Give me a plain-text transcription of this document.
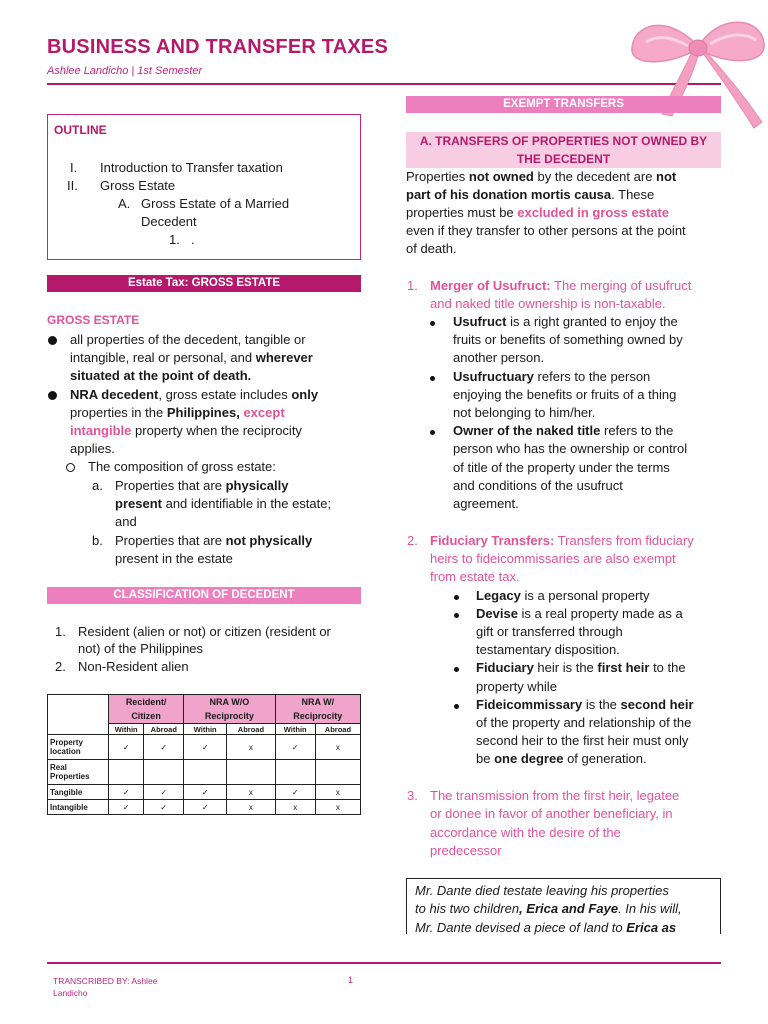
BUSINESS AND TRANSFER TAXES
Ashlee Landicho | 1st Semester
OUTLINE
I. Introduction to Transfer taxation
II. Gross Estate
A. Gross Estate of a Married
Decedent
1. .
Estate Tax: GROSS ESTATE
GROSS ESTATE
all properties of the decedent, tangible or
intangible, real or personal, and wherever
situated at the point of death.
NRA decedent, gross estate includes only
properties in the Philippines, except
intangible property when the reciprocity
applies.
The composition of gross estate:
a. Properties that are physically
present and identifiable in the estate;
and
b. Properties that are not physically
present in the estate
CLASSIFICATION OF DECEDENT
1. Resident (alien or not) or citizen (resident or
not) of the Philippines
2. Non-Resident alien
	Recident/ Citizen		NRA W/O Reciprocity		NRA W/ Reciprocity	
	Within	Abroad	Within	Abroad	Within	Abroad
Property location	✓	✓	✓	x	✓	x
Real Properties						
Tangible	✓	✓	✓	x	✓	x
Intangible	✓	✓	✓	x	x	x
EXEMPT TRANSFERS
A. TRANSFERS OF PROPERTIES NOT OWNED BY
THE DECEDENT
Properties not owned by the decedent are not
part of his donation mortis causa. These
properties must be excluded in gross estate
even if they transfer to other persons at the point
of death.
1. Merger of Usufruct: The merging of usufruct
and naked title ownership is non-taxable.
Usufruct is a right granted to enjoy the
fruits or benefits of something owned by
another person.
Usufructuary refers to the person
enjoying the benefits or fruits of a thing
not belonging to him/her.
Owner of the naked title refers to the
person who has the ownership or control
of title of the property under the terms
and conditions of the usufruct
agreement.
2. Fiduciary Transfers: Transfers from fiduciary
heirs to fideicommissaries are also exempt
from estate tax.
Legacy is a personal property
Devise is a real property made as a
gift or transferred through
testamentary disposition.
Fiduciary heir is the first heir to the
property while
Fideicommissary is the second heir
of the property and relationship of the
second heir to the first heir must only
be one degree of generation.
3. The transmission from the first heir, legatee
or donee in favor of another beneficiary, in
accordance with the desire of the
predecessor
Mr. Dante died testate leaving his properties
to his two children, Erica and Faye. In his will,
Mr. Dante devised a piece of land to Erica as
TRANSCRIBED BY: Ashlee
Landicho
1
